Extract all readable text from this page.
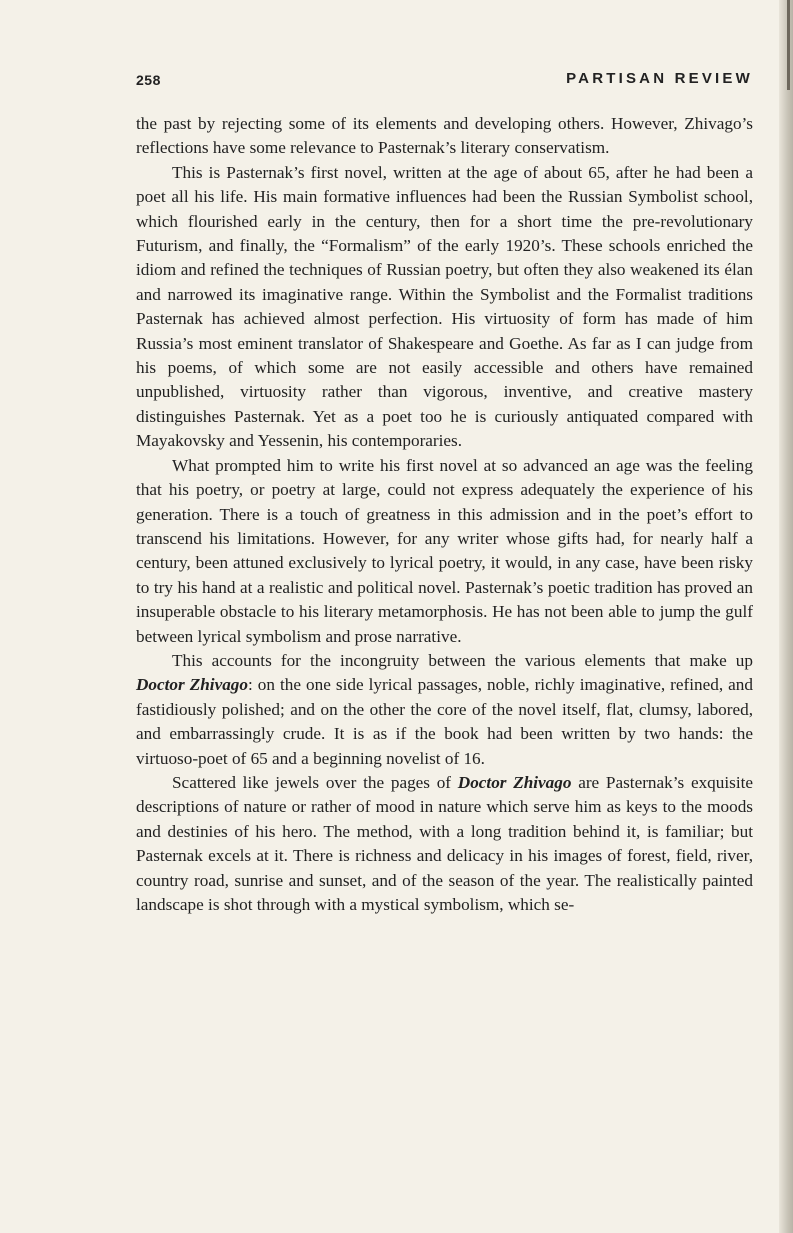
258	PARTISAN REVIEW

the past by rejecting some of its elements and developing others. However, Zhivago’s reflections have some relevance to Pasternak’s literary conservatism.

This is Pasternak’s first novel, written at the age of about 65, after he had been a poet all his life. His main formative influences had been the Russian Symbolist school, which flourished early in the century, then for a short time the pre-revolutionary Futurism, and finally, the “Formalism” of the early 1920’s. These schools enriched the idiom and refined the techniques of Russian poetry, but often they also weakened its élan and narrowed its imaginative range. Within the Symbolist and the Formalist traditions Pasternak has achieved almost perfection. His virtuosity of form has made of him Russia’s most eminent translator of Shakespeare and Goethe. As far as I can judge from his poems, of which some are not easily accessible and others have remained unpublished, virtuosity rather than vigorous, inventive, and creative mastery distinguishes Pasternak. Yet as a poet too he is curiously antiquated compared with Mayakovsky and Yessenin, his contemporaries.

What prompted him to write his first novel at so advanced an age was the feeling that his poetry, or poetry at large, could not express adequately the experience of his generation. There is a touch of greatness in this admission and in the poet’s effort to transcend his limitations. However, for any writer whose gifts had, for nearly half a century, been attuned exclusively to lyrical poetry, it would, in any case, have been risky to try his hand at a realistic and political novel. Pasternak’s poetic tradition has proved an insuperable obstacle to his literary metamorphosis. He has not been able to jump the gulf between lyrical symbolism and prose narrative.

This accounts for the incongruity between the various elements that make up Doctor Zhivago: on the one side lyrical passages, noble, richly imaginative, refined, and fastidiously polished; and on the other the core of the novel itself, flat, clumsy, labored, and embarrassingly crude. It is as if the book had been written by two hands: the virtuoso-poet of 65 and a beginning novelist of 16.

Scattered like jewels over the pages of Doctor Zhivago are Pasternak’s exquisite descriptions of nature or rather of mood in nature which serve him as keys to the moods and destinies of his hero. The method, with a long tradition behind it, is familiar; but Pasternak excels at it. There is richness and delicacy in his images of forest, field, river, country road, sunrise and sunset, and of the season of the year. The realistically painted landscape is shot through with a mystical symbolism, which se-
